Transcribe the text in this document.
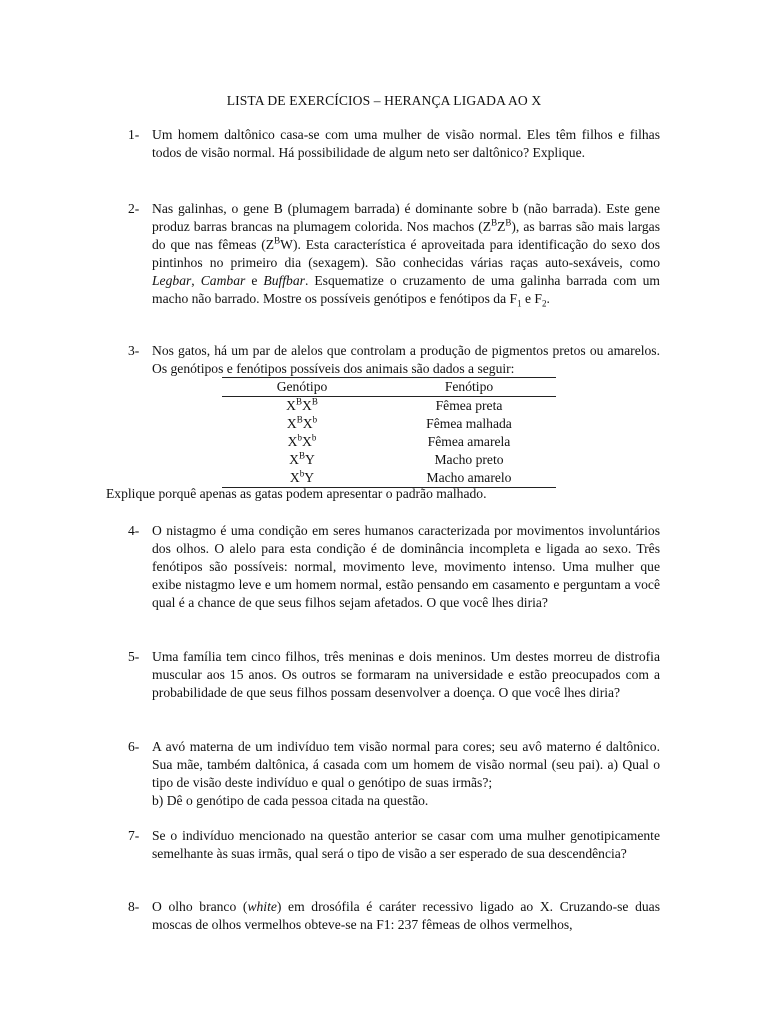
LISTA DE EXERCÍCIOS – HERANÇA LIGADA AO X
1- Um homem daltônico casa-se com uma mulher de visão normal. Eles têm filhos e filhas todos de visão normal. Há possibilidade de algum neto ser daltônico? Explique.

2- Nas galinhas, o gene B (plumagem barrada) é dominante sobre b (não barrada). Este gene produz barras brancas na plumagem colorida. Nos machos $(Z^BZ^B)$, as barras são mais largas do que nas fêmeas $(Z^BW)$. Esta característica é aproveitada para identificação do sexo dos pintinhos no primeiro dia (sexagem). São conhecidas várias raças auto-sexáveis, como Legbar, Cambar e Buffbar. Esquematize o cruzamento de uma galinha barrada com um macho não barrado. Mostre os possíveis genótipos e fenótipos da $F_1$ e $F_2$.

3- Nos gatos, há um par de alelos que controlam a produção de pigmentos pretos ou amarelos. Os genótipos e fenótipos possíveis dos animais são dados a seguir:

Genótipo	Fenótipo
$X^BX^B$	Fêmea preta
$X^BX^b$	Fêmea malhada
$X^bX^b$	Fêmea amarela
$X^BY$	Macho preto
$X^bY$	Macho amarelo
Explique porquê apenas as gatas podem apresentar o padrão malhado.
4- O nistagmo é uma condição em seres humanos caracterizada por movimentos involuntários dos olhos. O alelo para esta condição é de dominância incompleta e ligada ao sexo. Três fenótipos são possíveis: normal, movimento leve, movimento intenso. Uma mulher que exibe nistagmo leve e um homem normal, estão pensando em casamento e perguntam a você qual é a chance de que seus filhos sejam afetados. O que você lhes diria?

5- Uma família tem cinco filhos, três meninas e dois meninos. Um destes morreu de distrofia muscular aos 15 anos. Os outros se formaram na universidade e estão preocupados com a probabilidade de que seus filhos possam desenvolver a doença. O que você lhes diria?

6- A avó materna de um indivíduo tem visão normal para cores; seu avô materno é daltônico. Sua mãe, também daltônica, á casada com um homem de visão normal (seu pai). a) Qual o tipo de visão deste indivíduo e qual o genótipo de suas irmãs?;

b) Dê o genótipo de cada pessoa citada na questão.

7- Se o indivíduo mencionado na questão anterior se casar com uma mulher genotipicamente semelhante às suas irmãs, qual será o tipo de visão a ser esperado de sua descendência?

8- O olho branco (white) em drosófila é caráter recessivo ligado ao X. Cruzando-se duas moscas de olhos vermelhos obteve-se na F1: 237 fêmeas de olhos vermelhos,
